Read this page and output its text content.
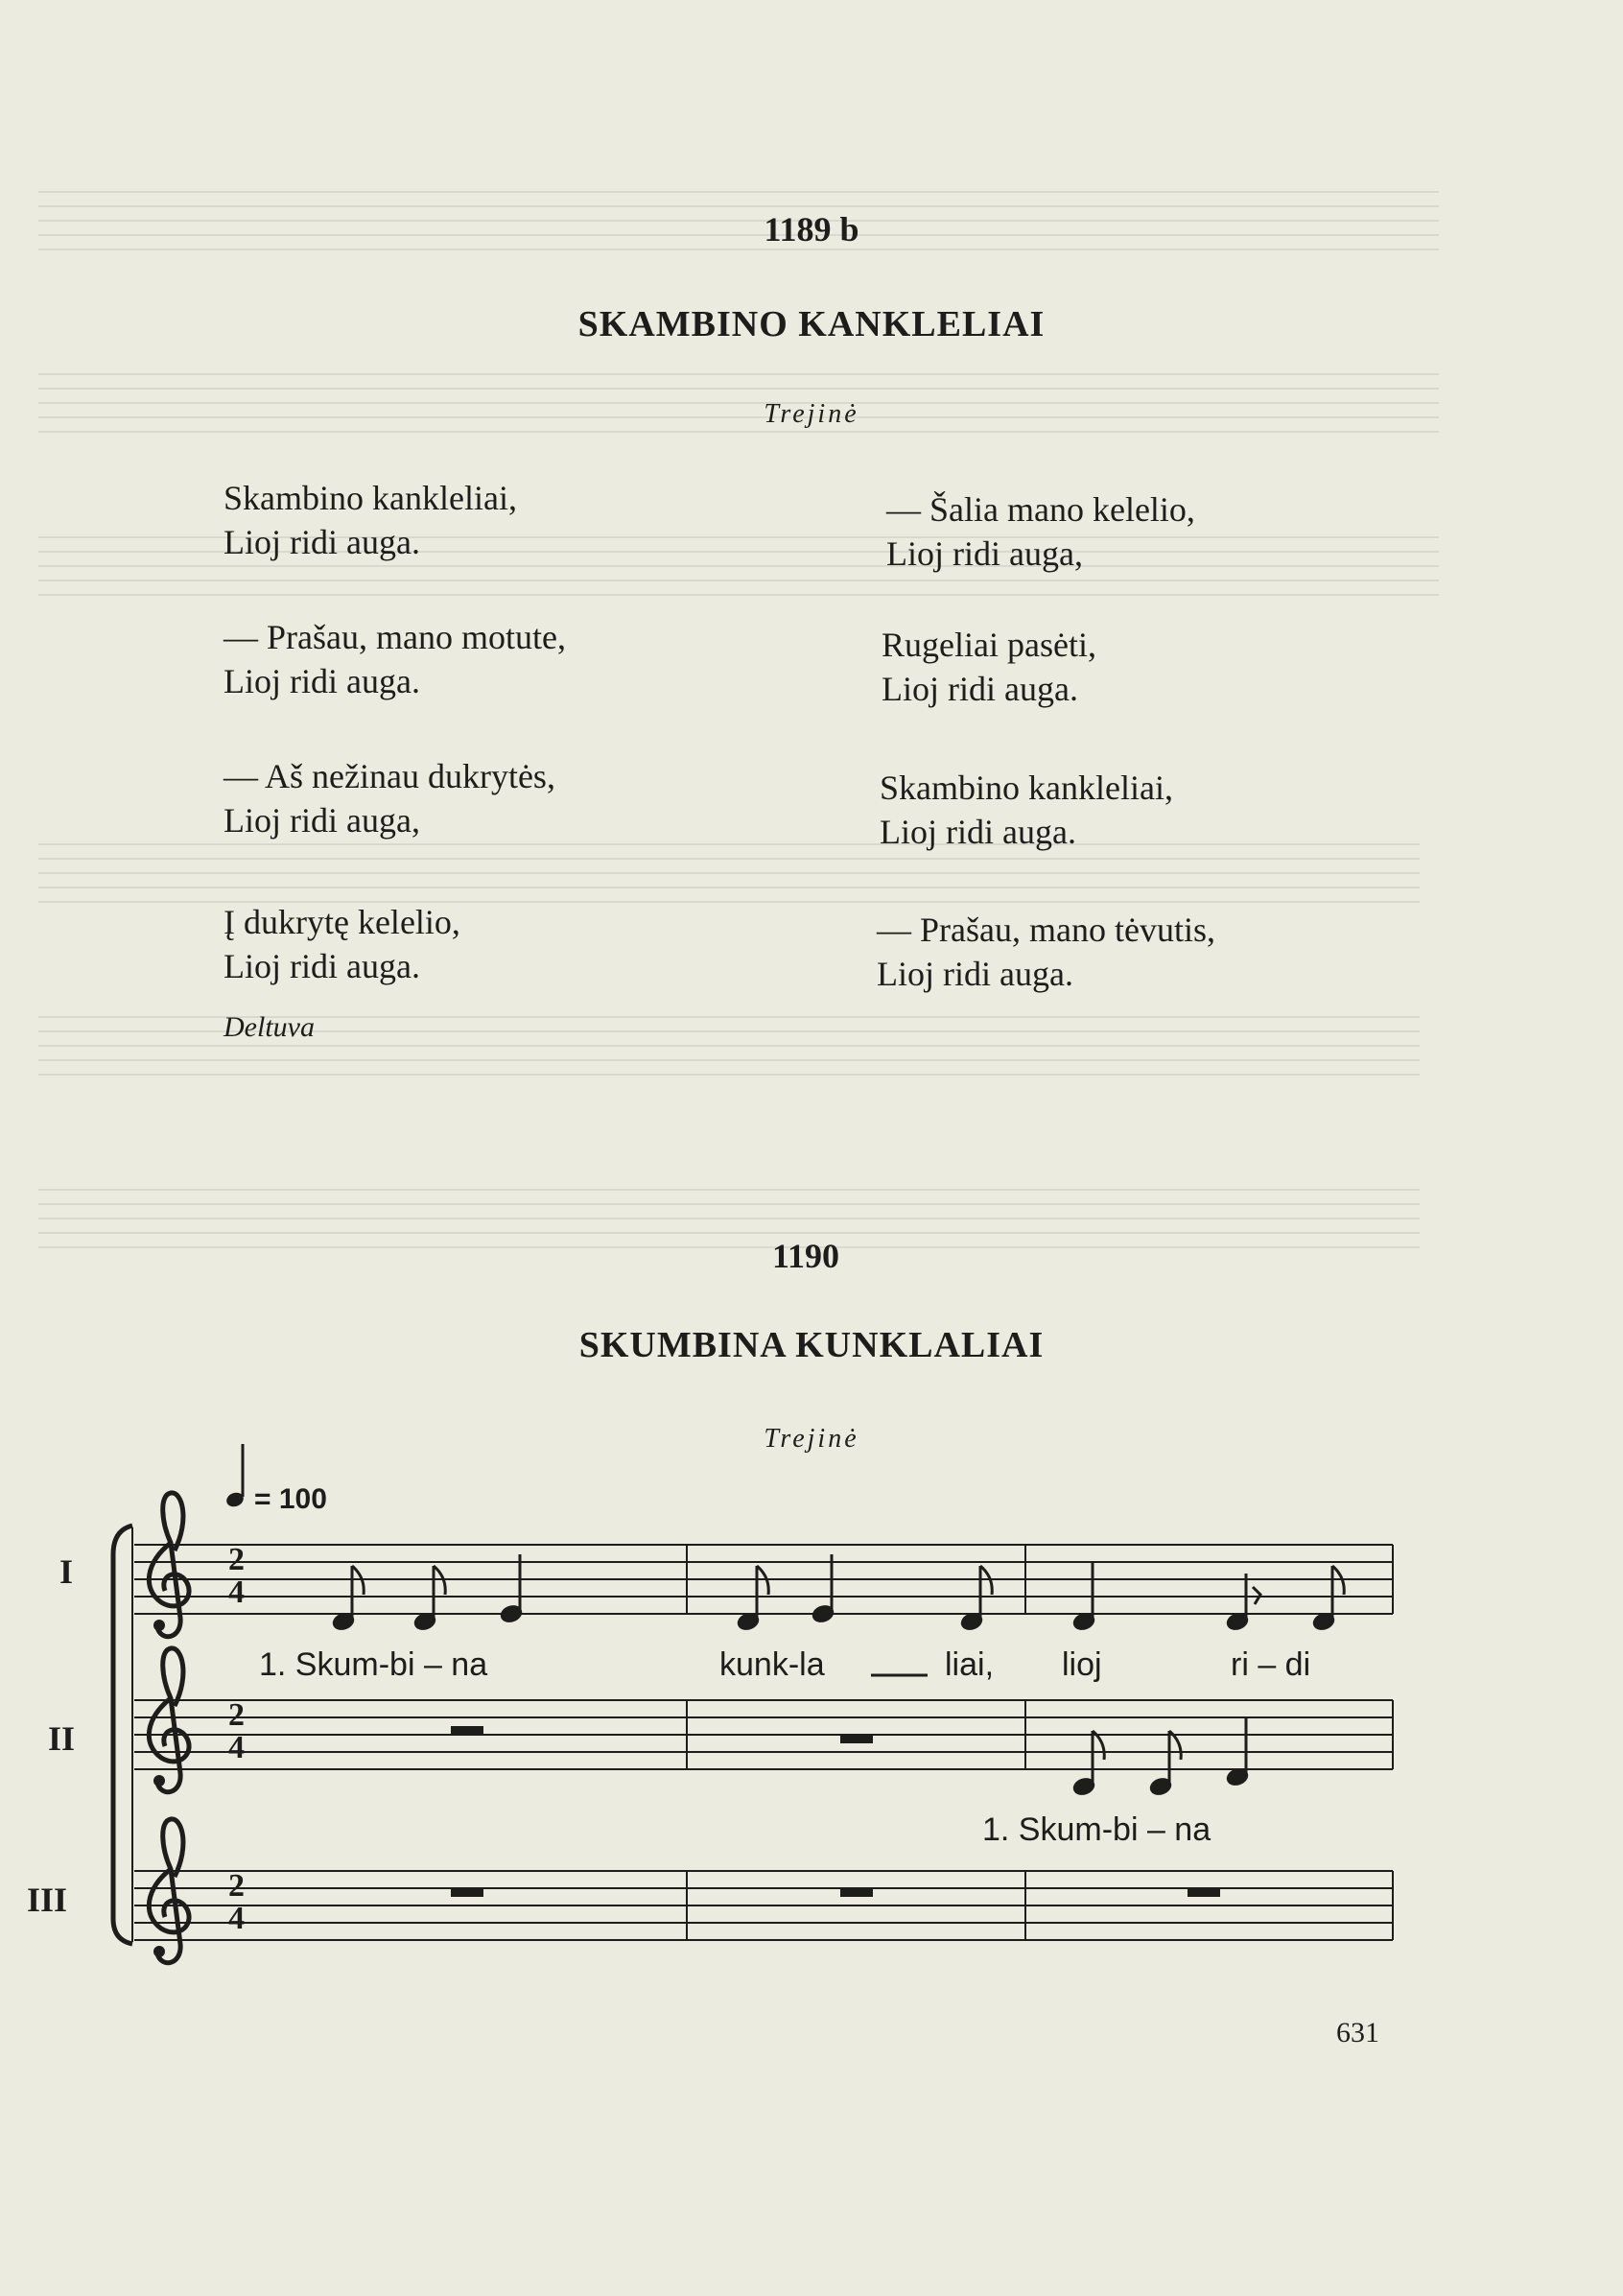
1189 b
SKAMBINO KANKLELIAI
Trejinė
Skambino kankleliai,
Lioj ridi auga.
— Prašau, mano motute,
Lioj ridi auga.
— Aš nežinau dukrytės,
Lioj ridi auga,
Į dukrytę kelelio,
Lioj ridi auga.
— Šalia mano kelelio,
Lioj ridi auga,
Rugeliai pasėti,
Lioj ridi auga.
Skambino kankleliai,
Lioj ridi auga.
— Prašau, mano tėvutis,
Lioj ridi auga.
Deltuva
1190
SKUMBINA KUNKLALIAI
Trejinė
= 100
I
II
III
2
4
1. Skum-bi – na	kunk-la	liai, lioj	ri – di
2
4
1. Skum-bi – na
2
4
631
